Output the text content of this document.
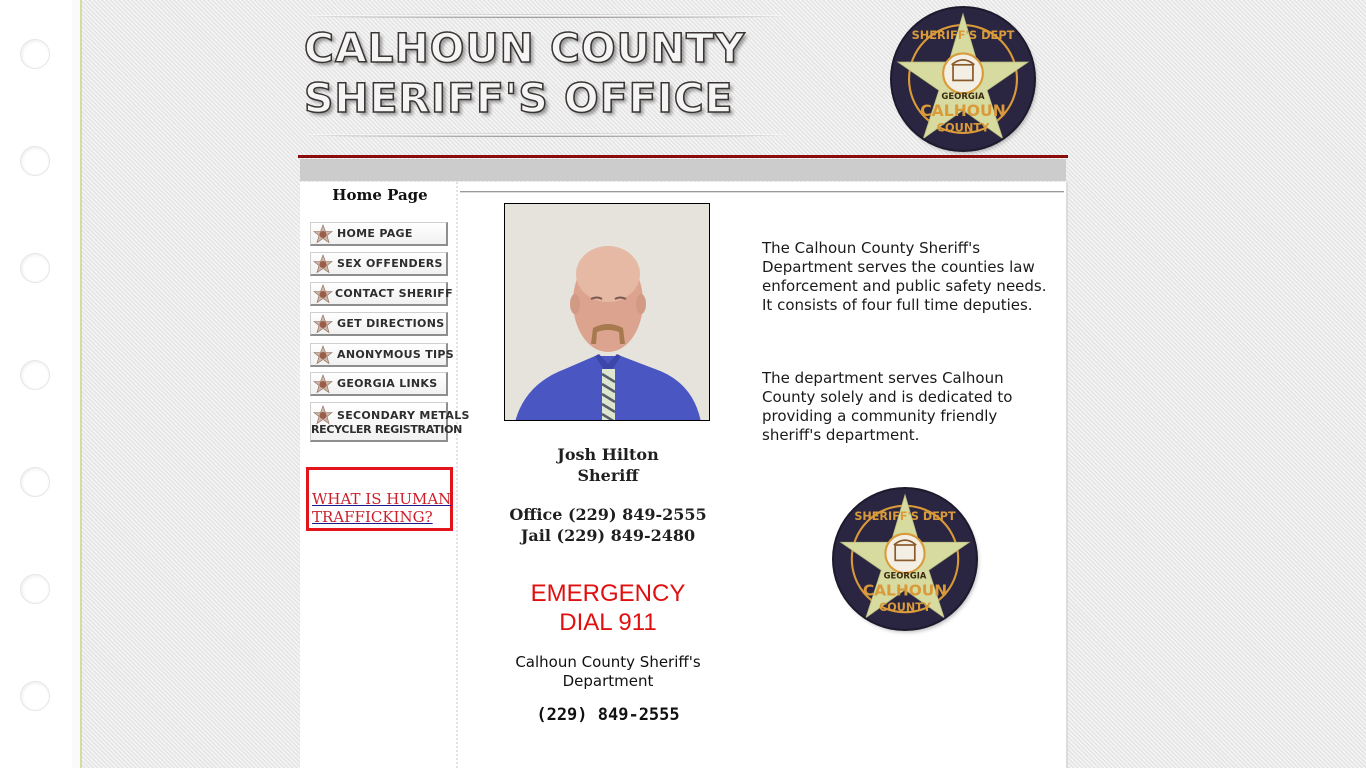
CALHOUN COUNTY
SHERIFF'S OFFICE
SHERIFF'S DEPT
GEORGIA
CALHOUN
COUNTY
Home Page
HOME PAGE
SEX OFFENDERS
CONTACT SHERIFF
GET DIRECTIONS
ANONYMOUS TIPS
GEORGIA LINKS
SECONDARY METALS
RECYCLER REGISTRATION
WHAT IS HUMAN TRAFFICKING?
Josh Hilton
Sheriff
Office (229) 849-2555
Jail (229) 849-2480
EMERGENCY
DIAL 911
Calhoun County Sheriff's Department
(229) 849-2555
The Calhoun County Sheriff's Department serves the counties law enforcement and public safety needs. It consists of four full time deputies.
The department serves Calhoun County solely and is dedicated to providing a community friendly sheriff's department.
SHERIFF'S DEPT
GEORGIA
CALHOUN
COUNTY
